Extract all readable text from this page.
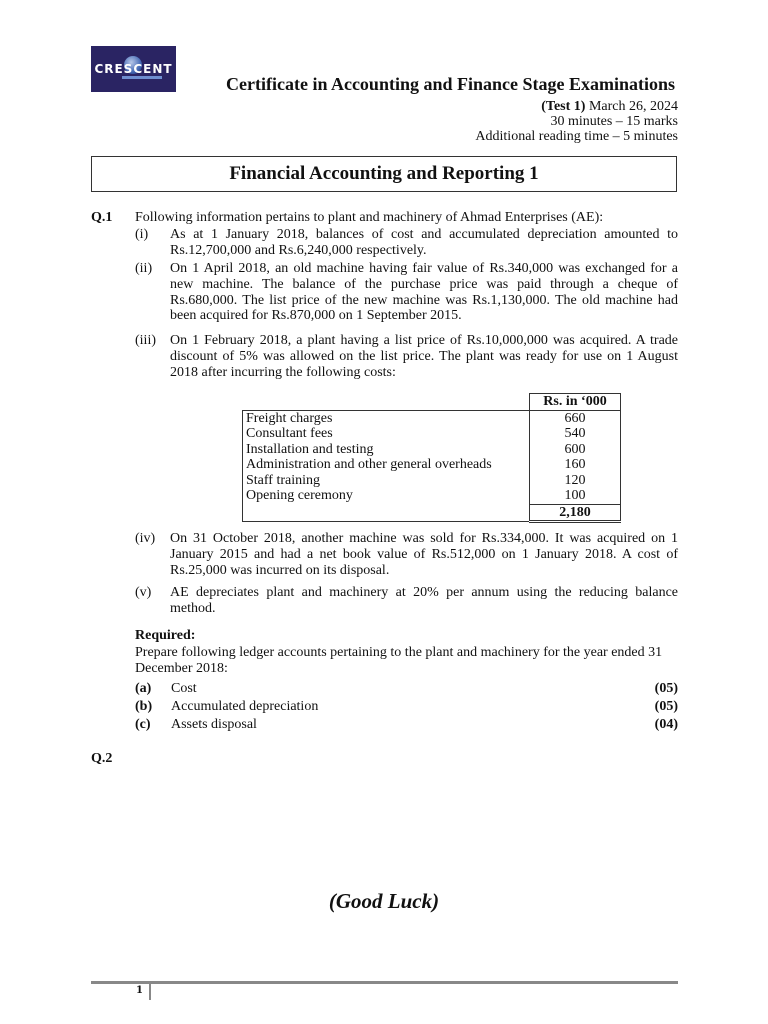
CRESCENT
Certificate in Accounting and Finance Stage Examinations
(Test 1) March 26, 2024
30 minutes – 15 marks
Additional reading time – 5 minutes
Financial Accounting and Reporting 1
Q.1 Following information pertains to plant and machinery of Ahmad Enterprises (AE):
(i)	As at 1 January 2018, balances of cost and accumulated depreciation amounted to Rs.12,700,000 and Rs.6,240,000 respectively.
(ii)	On 1 April 2018, an old machine having fair value of Rs.340,000 was exchanged for a new machine. The balance of the purchase price was paid through a cheque of Rs.680,000. The list price of the new machine was Rs.1,130,000. The old machine had been acquired for Rs.870,000 on 1 September 2015.
(iii)	On 1 February 2018, a plant having a list price of Rs.10,000,000 was acquired. A trade discount of 5% was allowed on the list price. The plant was ready for use on 1 August 2018 after incurring the following costs:
	Rs. in ‘000
Freight charges	660
Consultant fees	540
Installation and testing	600
Administration and other general overheads	160
Staff training	120
Opening ceremony	100
	2,180
(iv)	On 31 October 2018, another machine was sold for Rs.334,000. It was acquired on 1 January 2015 and had a net book value of Rs.512,000 on 1 January 2018. A cost of Rs.25,000 was incurred on its disposal.
(v)	AE depreciates plant and machinery at 20% per annum using the reducing balance method.
Required:
Prepare following ledger accounts pertaining to the plant and machinery for the year ended 31 December 2018:
(a)	Cost	(05)
(b)	Accumulated depreciation	(05)
(c)	Assets disposal	(04)
Q.2
(Good Luck)
1
